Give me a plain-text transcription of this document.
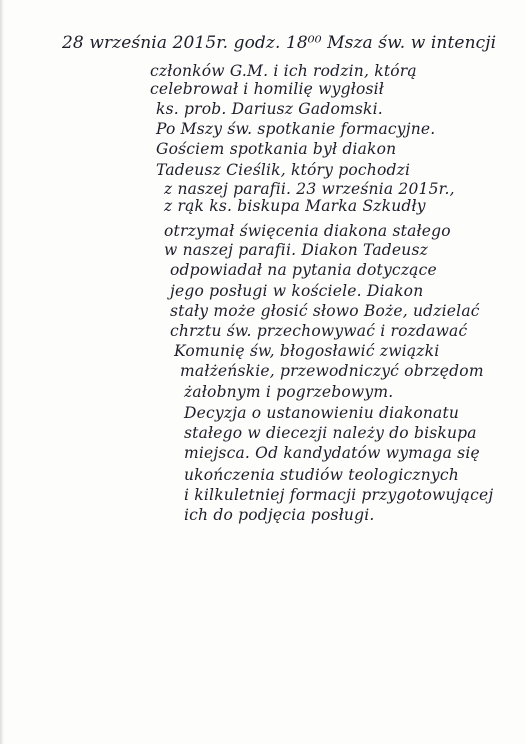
28 września 2015r. godz. 18⁰⁰ Msza św. w intencji
członków G.M. i ich rodzin, którą
celebrował i homilię wygłosił
ks. prob. Dariusz Gadomski.
Po Mszy św. spotkanie formacyjne.
Gościem spotkania był diakon
Tadeusz Cieślik, który pochodzi
z naszej parafii. 23 września 2015r.,
z rąk ks. biskupa Marka Szkudły
otrzymał święcenia diakona stałego
w naszej parafii. Diakon Tadeusz
odpowiadał na pytania dotyczące
jego posługi w kościele. Diakon
stały może głosić słowo Boże, udzielać
chrztu św. przechowywać i rozdawać
Komunię św, błogosławić związki
małżeńskie, przewodniczyć obrzędom
żałobnym i pogrzebowym.
Decyzja o ustanowieniu diakonatu
stałego w diecezji należy do biskupa
miejsca. Od kandydatów wymaga się
ukończenia studiów teologicznych
i kilkuletniej formacji przygotowującej
ich do podjęcia posługi.
